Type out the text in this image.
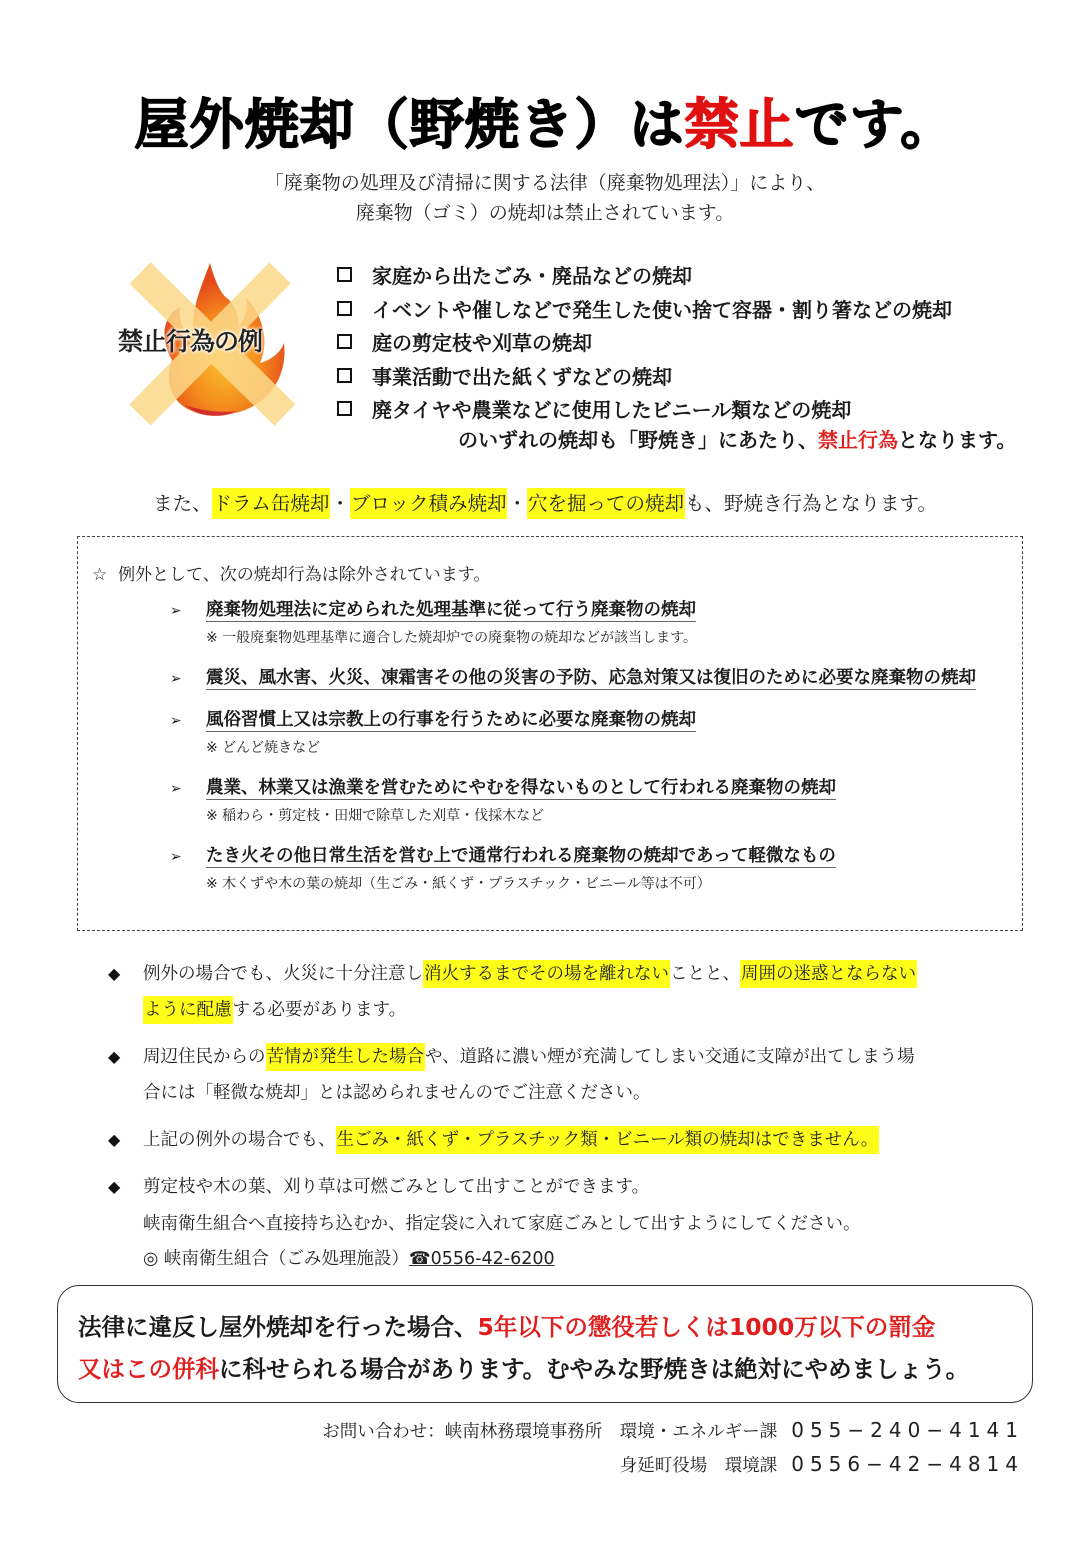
屋外焼却（野焼き）は禁止です。
「廃棄物の処理及び清掃に関する法律（廃棄物処理法）」により、
廃棄物（ゴミ）の焼却は禁止されています。
禁止行為の例
家庭から出たごみ・廃品などの焼却
イベントや催しなどで発生した使い捨て容器・割り箸などの焼却
庭の剪定枝や刈草の焼却
事業活動で出た紙くずなどの焼却
廃タイヤや農業などに使用したビニール類などの焼却
のいずれの焼却も「野焼き」にあたり、禁止行為となります。
また、ドラム缶焼却・ブロック積み焼却・穴を掘っての焼却も、野焼き行為となります。
☆ 例外として、次の焼却行為は除外されています。
➢ 廃棄物処理法に定められた処理基準に従って行う廃棄物の焼却
※ 一般廃棄物処理基準に適合した焼却炉での廃棄物の焼却などが該当します。
➢ 震災、風水害、火災、凍霜害その他の災害の予防、応急対策又は復旧のために必要な廃棄物の焼却
➢ 風俗習慣上又は宗教上の行事を行うために必要な廃棄物の焼却
※ どんど焼きなど
➢ 農業、林業又は漁業を営むためにやむを得ないものとして行われる廃棄物の焼却
※ 稲わら・剪定枝・田畑で除草した刈草・伐採木など
➢ たき火その他日常生活を営む上で通常行われる廃棄物の焼却であって軽微なもの
※ 木くずや木の葉の焼却（生ごみ・紙くず・プラスチック・ビニール等は不可）
◆ 例外の場合でも、火災に十分注意し消火するまでその場を離れないことと、周囲の迷惑とならない
ように配慮する必要があります。
◆ 周辺住民からの苦情が発生した場合や、道路に濃い煙が充満してしまい交通に支障が出てしまう場
合には「軽微な焼却」とは認められませんのでご注意ください。
◆ 上記の例外の場合でも、生ごみ・紙くず・プラスチック類・ビニール類の焼却はできません。
◆ 剪定枝や木の葉、刈り草は可燃ごみとして出すことができます。
峡南衛生組合へ直接持ち込むか、指定袋に入れて家庭ごみとして出すようにしてください。
◎ 峡南衛生組合（ごみ処理施設）☎0556-42-6200
法律に違反し屋外焼却を行った場合、5年以下の懲役若しくは1000万以下の罰金
又はこの併科に科せられる場合があります。むやみな野焼きは絶対にやめましょう。
お問い合わせ：峡南林務環境事務所　環境・エネルギー課 055−240−4141
身延町役場　環境課 0556−42−4814
